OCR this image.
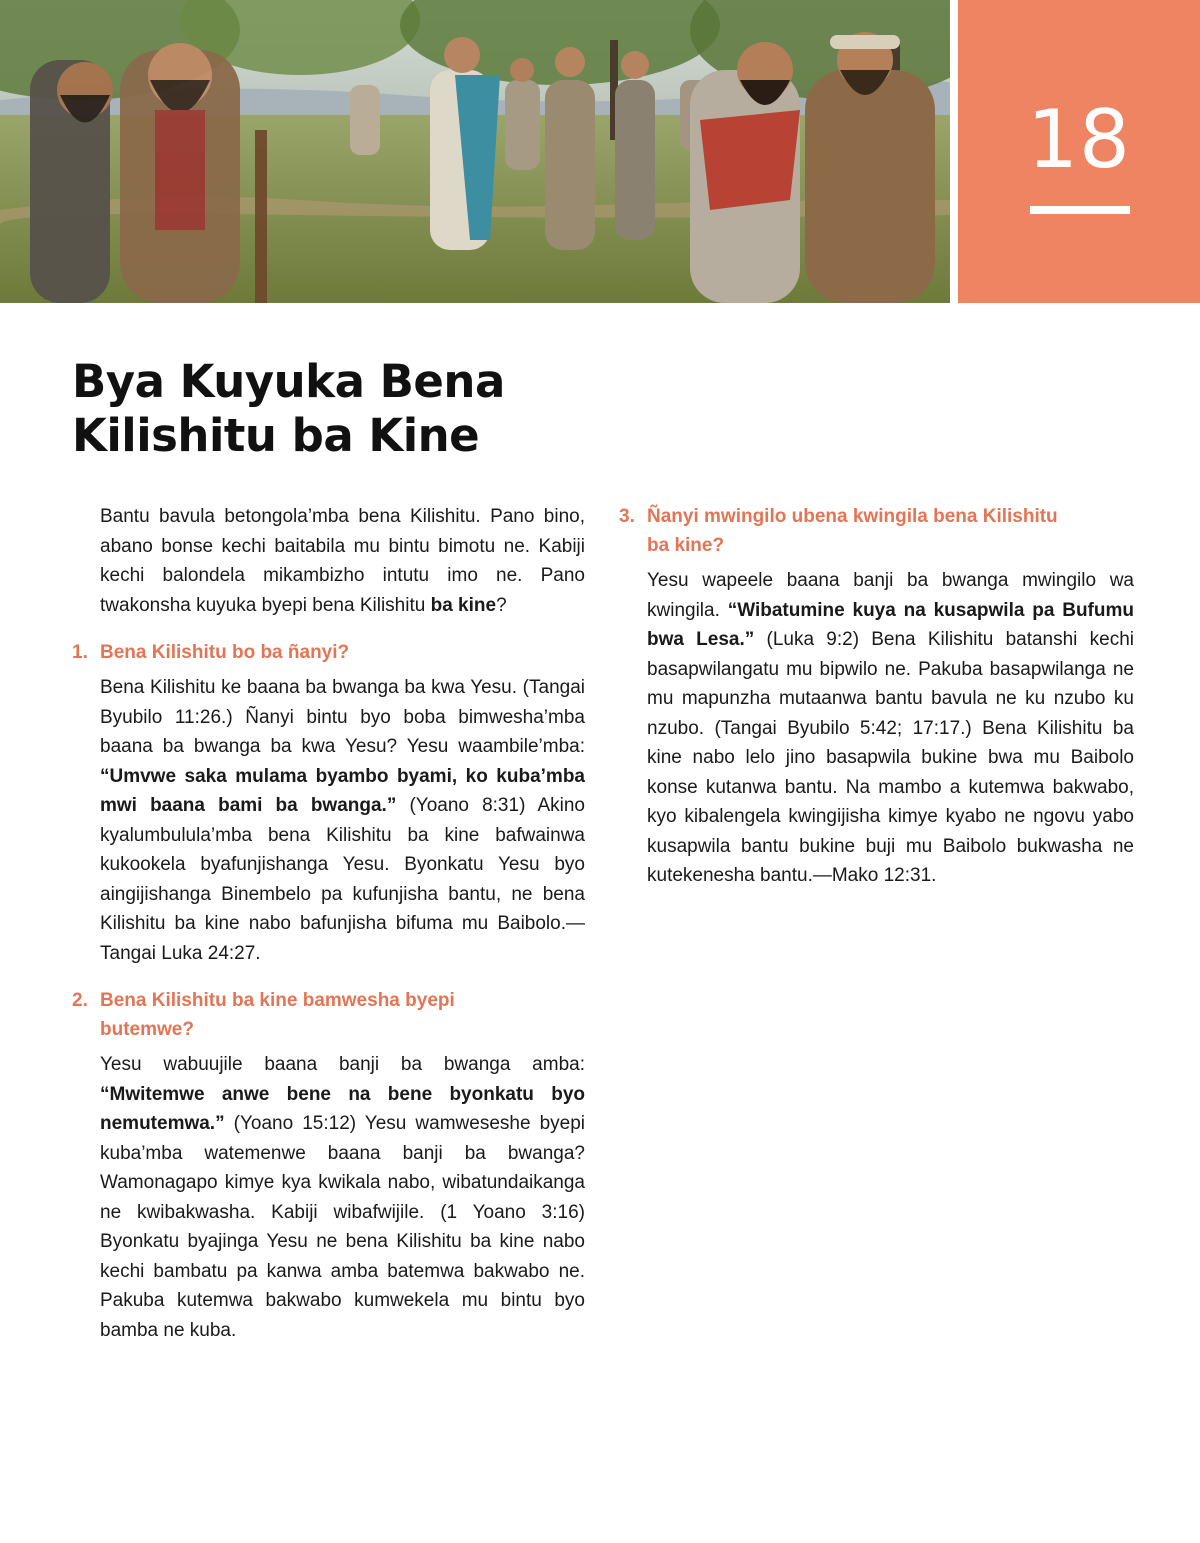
18
Bya Kuyuka Bena
Kilishitu ba Kine

Bantu bavula betongola’mba bena Kilishitu. Pano bino, abano bonse kechi baitabila mu bintu bimotu ne. Kabiji kechi balondela mikambizho intutu imo ne. Pano twakonsha kuyuka byepi bena Kilishitu ba kine?

1. Bena Kilishitu bo ba ñanyi?

Bena Kilishitu ke baana ba bwanga ba kwa Yesu. (Tangai Byubilo 11:26.) Ñanyi bintu byo boba bimwesha’mba baana ba bwanga ba kwa Yesu? Yesu waambile’mba: “Umvwe saka mulama byambo byami, ko kuba’mba mwi baana bami ba bwanga.” (Yoano 8:31) Akino kyalumbulula’mba bena Kilishitu ba kine bafwainwa kukookela byafunjishanga Yesu. Byonkatu Yesu byo aingijishanga Binembelo pa kufunjisha bantu, ne bena Kilishitu ba kine nabo bafunjisha bifuma mu Baibolo.—Tangai Luka 24:27.

2. Bena Kilishitu ba kine bamwesha byepi butemwe?

Yesu wabuujile baana banji ba bwanga amba: “Mwitemwe anwe bene na bene byonkatu byo nemutemwa.” (Yoano 15:12) Yesu wamweseshe byepi kuba’mba watemenwe baana banji ba bwanga? Wamonagapo kimye kya kwikala nabo, wibatundaikanga ne kwibakwasha. Kabiji wibafwijile. (1 Yoano 3:16) Byonkatu byajinga Yesu ne bena Kilishitu ba kine nabo kechi bambatu pa kanwa amba batemwa bakwabo ne. Pakuba kutemwa bakwabo kumwekela mu bintu byo bamba ne kuba.

3. Ñanyi mwingilo ubena kwingila bena Kilishitu ba kine?

Yesu wapeele baana banji ba bwanga mwingilo wa kwingila. “Wibatumine kuya na kusapwila pa Bufumu bwa Lesa.” (Luka 9:2) Bena Kilishitu batanshi kechi basapwilangatu mu bipwilo ne. Pakuba basapwilanga ne mu mapunzha mutaanwa bantu bavula ne ku nzubo ku nzubo. (Tangai Byubilo 5:42; 17:17.) Bena Kilishitu ba kine nabo lelo jino basapwila bukine bwa mu Baibolo konse kutanwa bantu. Na mambo a kutemwa bakwabo, kyo kibalengela kwingijisha kimye kyabo ne ngovu yabo kusapwila bantu bukine buji mu Baibolo bukwasha ne kutekenesha bantu.—Mako 12:31.
